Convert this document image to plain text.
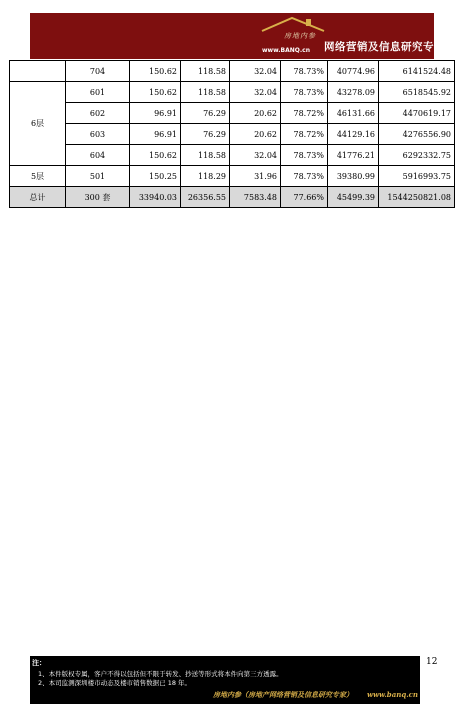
房地内参
www.BANQ.cn 网络营销及信息研究专家
	704	150.62	118.58	32.04	78.73%	40774.96	6141524.48
6层	601	150.62	118.58	32.04	78.73%	43278.09	6518545.92
	602	96.91	76.29	20.62	78.72%	46131.66	4470619.17
	603	96.91	76.29	20.62	78.72%	44129.16	4276556.90
	604	150.62	118.58	32.04	78.73%	41776.21	6292332.75
5层	501	150.25	118.29	31.96	78.73%	39380.99	5916993.75
总计	300 套	33940.03	26356.55	7583.48	77.66%	45499.39	1544250821.08
12
注：
1、本件版权专属，客户不得以包括但不限于转发、抄送等形式将本件向第三方透露。
2、本司监测深圳楼市动态及楼市销售数据已 18 年。
房地内参（房地产网络营销及信息研究专家） www.banq.cn
